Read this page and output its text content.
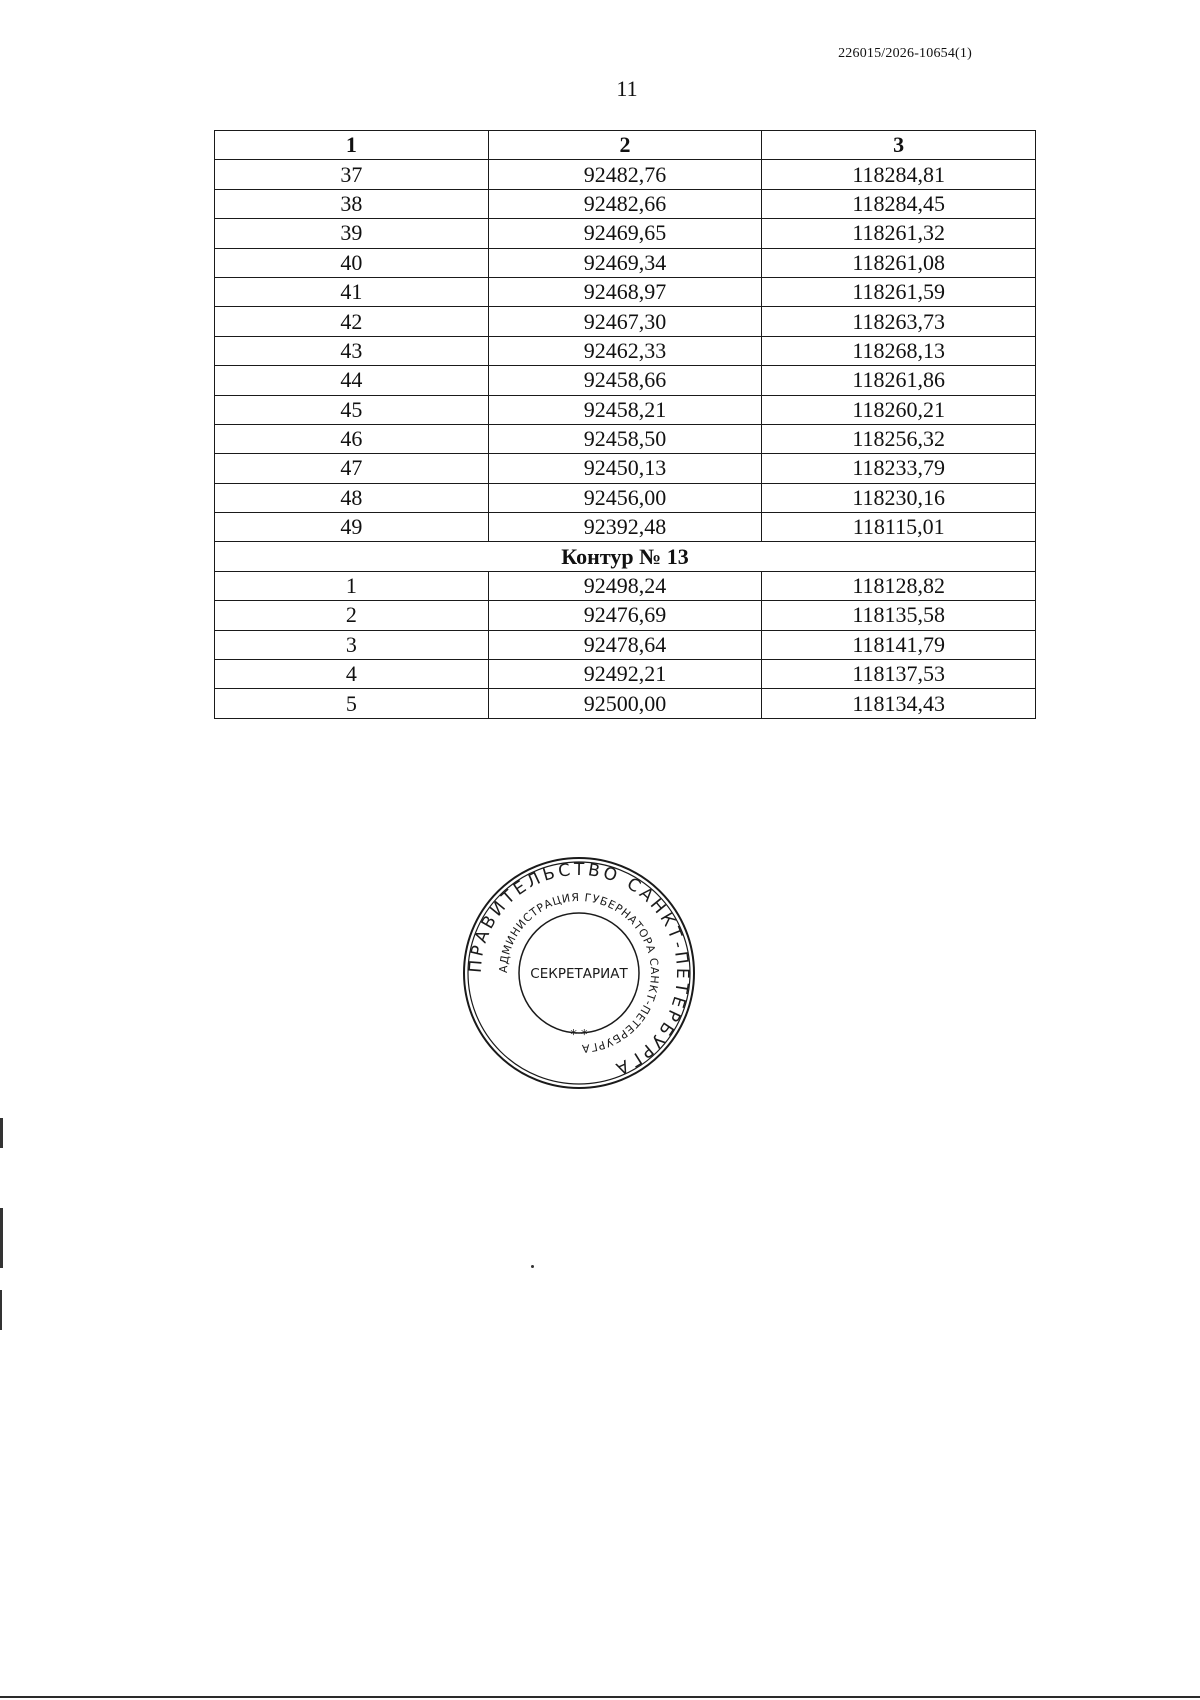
226015/2026-10654(1)
11
1	2	3
37	92482,76	118284,81
38	92482,66	118284,45
39	92469,65	118261,32
40	92469,34	118261,08
41	92468,97	118261,59
42	92467,30	118263,73
43	92462,33	118268,13
44	92458,66	118261,86
45	92458,21	118260,21
46	92458,50	118256,32
47	92450,13	118233,79
48	92456,00	118230,16
49	92392,48	118115,01
Контур № 13		
1	92498,24	118128,82
2	92476,69	118135,58
3	92478,64	118141,79
4	92492,21	118137,53
5	92500,00	118134,43
ПРАВИТЕЛЬСТВО САНКТ-ПЕТЕРБУРГА
АДМИНИСТРАЦИЯ ГУБЕРНАТОРА САНКТ-ПЕТЕРБУРГА
СЕКРЕТАРИАТ
* *
